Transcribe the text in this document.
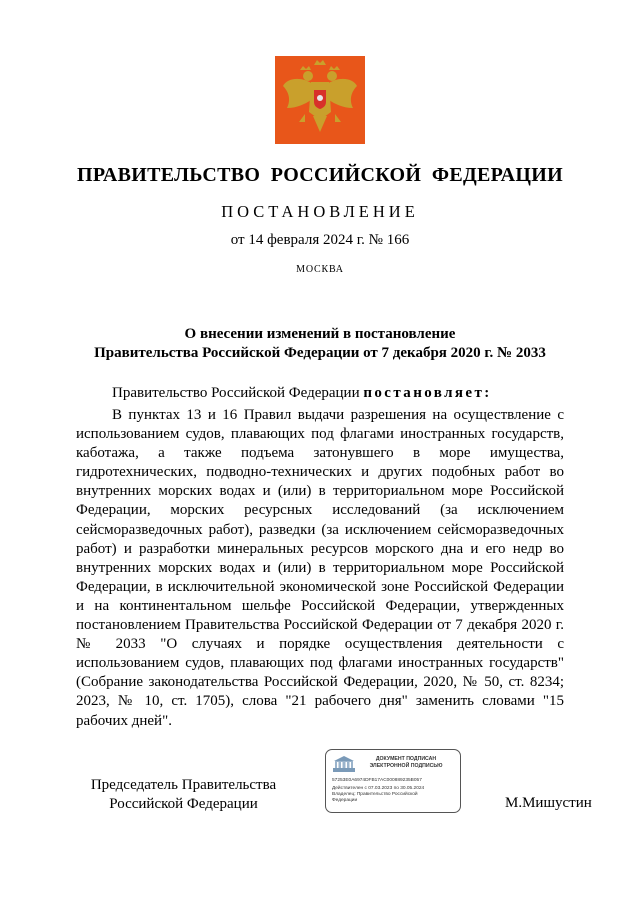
ПРАВИТЕЛЬСТВО  РОССИЙСКОЙ  ФЕДЕРАЦИИ
ПОСТАНОВЛЕНИЕ
от 14 февраля 2024 г. № 166
МОСКВА
О внесении изменений в постановление
Правительства Российской Федерации от 7 декабря 2020 г. № 2033
Правительство Российской Федерации постановляет:

В пунктах 13 и 16 Правил выдачи разрешения на осуществление с использованием судов, плавающих под флагами иностранных государств, каботажа, а также подъема затонувшего в море имущества, гидротехнических, подводно-технических и других подобных работ во внутренних морских водах и (или) в территориальном море Российской Федерации, морских ресурсных исследований (за исключением сейсморазведочных работ), разведки (за исключением сейсморазведочных работ) и разработки минеральных ресурсов морского дна и его недр во внутренних морских водах и (или) в территориальном море Российской Федерации, в исключительной экономической зоне Российской Федерации и на континентальном шельфе Российской Федерации, утвержденных постановлением Правительства Российской Федерации от 7 декабря 2020 г. № 2033 "О случаях и порядке осуществления деятельности с использованием судов, плавающих под флагами иностранных государств" (Собрание законодательства Российской Федерации, 2020, № 50, ст. 8234; 2023, № 10, ст. 1705), слова "21 рабочего дня" заменить словами "15 рабочих дней".

Председатель Правительства
Российской Федерации
ДОКУМЕНТ ПОДПИСАН
ЭЛЕКТРОННОЙ ПОДПИСЬЮ
57253E0A6974DFB17AC000889235B057
Действителен с 07.03.2023 по 30.05.2024
Владелец: Правительство Российской
Федерации	М.Мишустин
